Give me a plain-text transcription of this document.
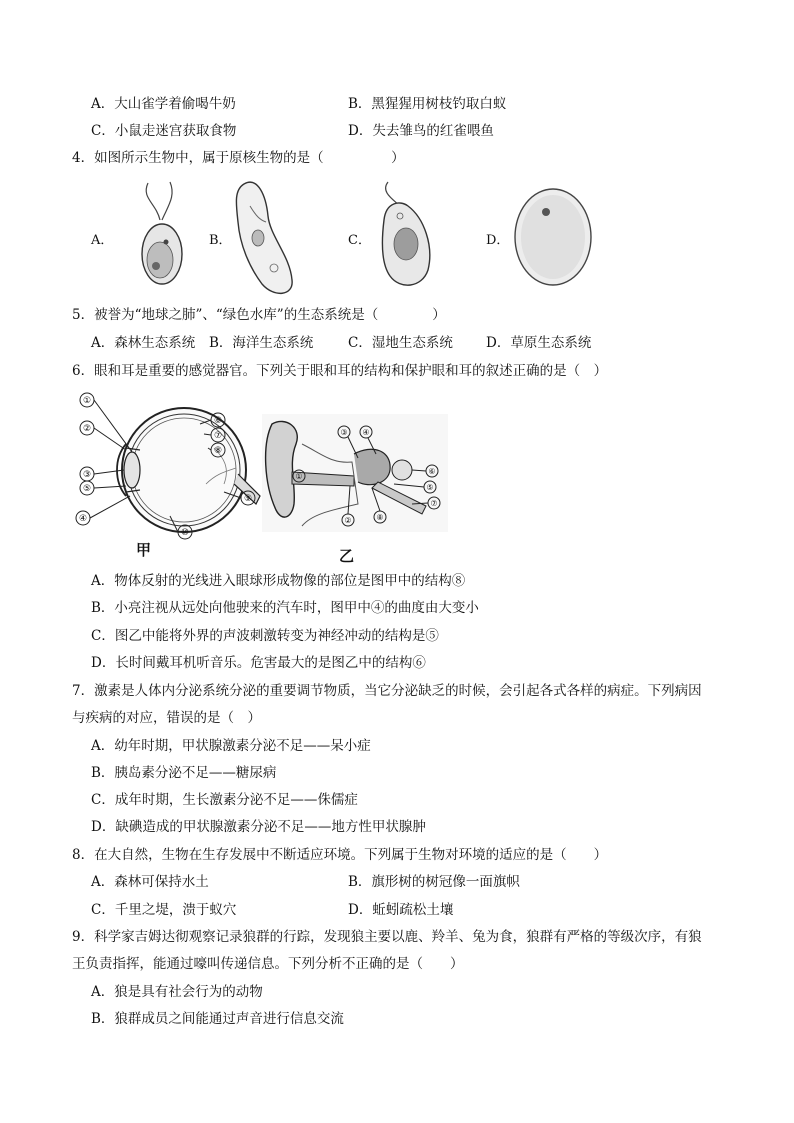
A．大山雀学着偷喝牛奶	B．黑猩猩用树枝钓取白蚁
C．小鼠走迷宫获取食物	D．失去雏鸟的红雀喂鱼
4．如图所示生物中，属于原核生物的是（　　　　　）
A．	B．	C．	D．
5．被誉为“地球之肺”、“绿色水库”的生态系统是（　　　　）
A．森林生态系统 B．海洋生态系统	C．湿地生态系统 D．草原生态系统
6．眼和耳是重要的感觉器官。下列关于眼和耳的结构和保护眼和耳的叙述正确的是（　）
①
②
③
④
⑤
⑥
⑦
⑧
⑨
⑩
甲
①
②
③ ④
⑤
⑥
⑦
⑧
乙
A．物体反射的光线进入眼球形成物像的部位是图甲中的结构⑧
B．小亮注视从远处向他驶来的汽车时，图甲中④的曲度由大变小
C．图乙中能将外界的声波刺激转变为神经冲动的结构是⑤
D．长时间戴耳机听音乐。危害最大的是图乙中的结构⑥
7．激素是人体内分泌系统分泌的重要调节物质，当它分泌缺乏的时候，会引起各式各样的病症。下列病因
与疾病的对应，错误的是（　）
A．幼年时期，甲状腺激素分泌不足——呆小症
B．胰岛素分泌不足——糖尿病
C．成年时期，生长激素分泌不足——侏儒症
D．缺碘造成的甲状腺激素分泌不足——地方性甲状腺肿
8．在大自然，生物在生存发展中不断适应环境。下列属于生物对环境的适应的是（　　）
A．森林可保持水土	B．旗形树的树冠像一面旗帜
C．千里之堤，溃于蚁穴	D．蚯蚓疏松土壤
9．科学家吉姆达彻观察记录狼群的行踪，发现狼主要以鹿、羚羊、兔为食，狼群有严格的等级次序，有狼
王负责指挥，能通过嚎叫传递信息。下列分析不正确的是（　　）
A．狼是具有社会行为的动物
B．狼群成员之间能通过声音进行信息交流
